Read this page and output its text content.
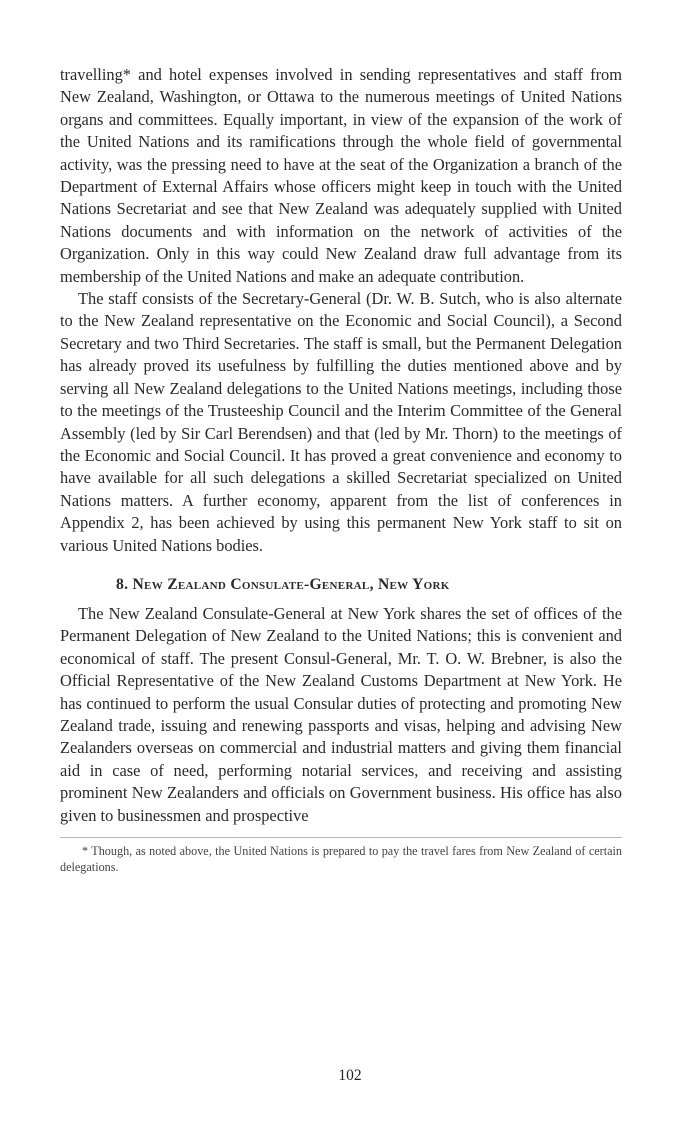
travelling* and hotel expenses involved in sending representatives and staff from New Zealand, Washington, or Ottawa to the numerous meetings of United Nations organs and committees. Equally important, in view of the expansion of the work of the United Nations and its ramifications through the whole field of governmental activity, was the pressing need to have at the seat of the Organization a branch of the Department of External Affairs whose officers might keep in touch with the United Nations Secretariat and see that New Zealand was adequately supplied with United Nations documents and with information on the network of activities of the Organization. Only in this way could New Zealand draw full advantage from its membership of the United Nations and make an adequate contribution.

The staff consists of the Secretary-General (Dr. W. B. Sutch, who is also alternate to the New Zealand representative on the Economic and Social Council), a Second Secretary and two Third Secretaries. The staff is small, but the Permanent Delegation has already proved its usefulness by fulfilling the duties mentioned above and by serving all New Zealand delegations to the United Nations meetings, including those to the meetings of the Trusteeship Council and the Interim Committee of the General Assembly (led by Sir Carl Berendsen) and that (led by Mr. Thorn) to the meetings of the Economic and Social Council. It has proved a great convenience and economy to have available for all such delegations a skilled Secretariat specialized on United Nations matters. A further economy, apparent from the list of conferences in Appendix 2, has been achieved by using this permanent New York staff to sit on various United Nations bodies.

8. New Zealand Consulate-General, New York

The New Zealand Consulate-General at New York shares the set of offices of the Permanent Delegation of New Zealand to the United Nations; this is convenient and economical of staff. The present Consul-General, Mr. T. O. W. Brebner, is also the Official Representative of the New Zealand Customs Department at New York. He has continued to perform the usual Consular duties of protecting and promoting New Zealand trade, issuing and renewing passports and visas, helping and advising New Zealanders overseas on commercial and industrial matters and giving them financial aid in case of need, performing notarial services, and receiving and assisting prominent New Zealanders and officials on Government business. His office has also given to businessmen and prospective

* Though, as noted above, the United Nations is prepared to pay the travel fares from New Zealand of certain delegations.

102
